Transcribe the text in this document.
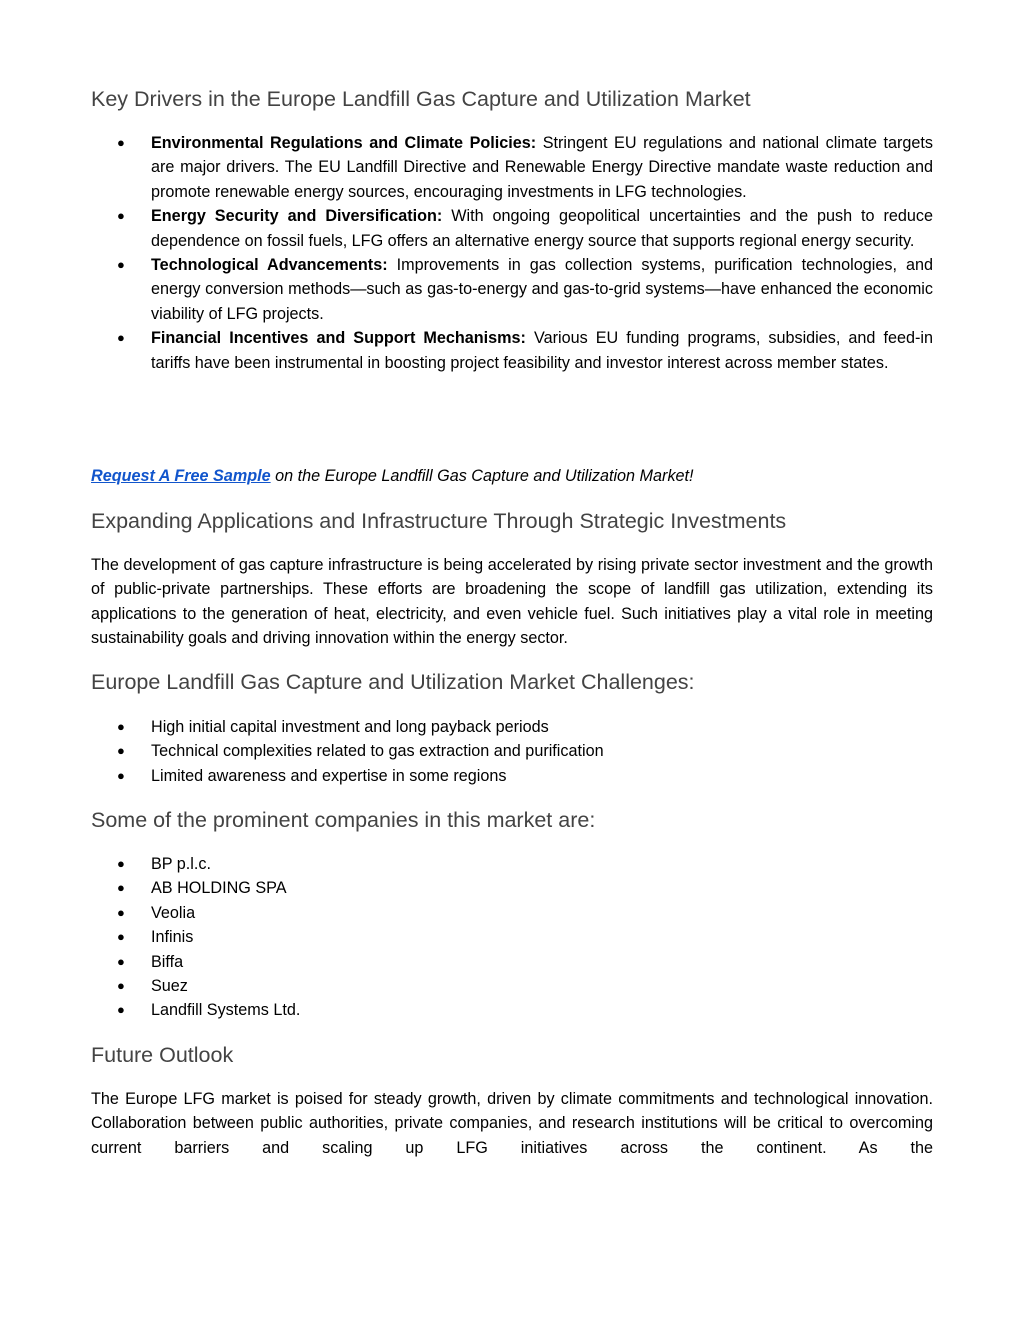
Key Drivers in the Europe Landfill Gas Capture and Utilization Market
● Environmental Regulations and Climate Policies: Stringent EU regulations and national climate targets are major drivers. The EU Landfill Directive and Renewable Energy Directive mandate waste reduction and promote renewable energy sources, encouraging investments in LFG technologies.
● Energy Security and Diversification: With ongoing geopolitical uncertainties and the push to reduce dependence on fossil fuels, LFG offers an alternative energy source that supports regional energy security.
● Technological Advancements: Improvements in gas collection systems, purification technologies, and energy conversion methods—such as gas-to-energy and gas-to-grid systems—have enhanced the economic viability of LFG projects.
● Financial Incentives and Support Mechanisms: Various EU funding programs, subsidies, and feed-in tariffs have been instrumental in boosting project feasibility and investor interest across member states.

Request A Free Sample on the Europe Landfill Gas Capture and Utilization Market!

Expanding Applications and Infrastructure Through Strategic Investments

The development of gas capture infrastructure is being accelerated by rising private sector investment and the growth of public-private partnerships. These efforts are broadening the scope of landfill gas utilization, extending its applications to the generation of heat, electricity, and even vehicle fuel. Such initiatives play a vital role in meeting sustainability goals and driving innovation within the energy sector.

Europe Landfill Gas Capture and Utilization Market Challenges:
● High initial capital investment and long payback periods
● Technical complexities related to gas extraction and purification
● Limited awareness and expertise in some regions
Some of the prominent companies in this market are:
● BP p.l.c.
● AB HOLDING SPA
● Veolia
● Infinis
● Biffa
● Suez
● Landfill Systems Ltd.
Future Outlook

The Europe LFG market is poised for steady growth, driven by climate commitments and technological innovation. Collaboration between public authorities, private companies, and research institutions will be critical to overcoming current barriers and scaling up LFG initiatives across the continent. As the
